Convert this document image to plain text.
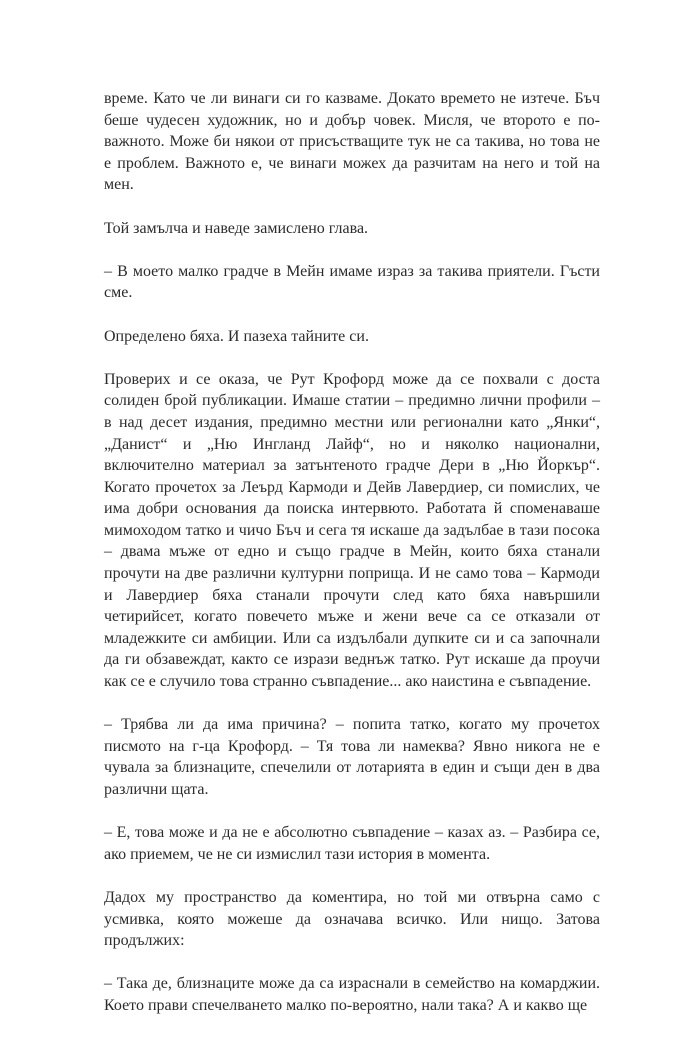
време. Като че ли винаги си го казваме. Докато времето не изтече. Бъч беше чудесен художник, но и добър човек. Мисля, че второто е по-важното. Може би някои от присъстващите тук не са такива, но това не е проблем. Важното е, че винаги можех да разчитам на него и той на мен.

Той замълча и наведе замислено глава.

– В моето малко градче в Мейн имаме израз за такива приятели. Гъсти сме.

Определено бяха. И пазеха тайните си.

Проверих и се оказа, че Рут Крофорд може да се похвали с доста солиден брой публикации. Имаше статии – предимно лични профили – в над десет издания, предимно местни или регионални като „Янки“, „Данист“ и „Ню Ингланд Лайф“, но и няколко национални, включително материал за затънтеното градче Дери в „Ню Йоркър“. Когато прочетох за Леърд Кармоди и Дейв Лавердиер, си помислих, че има добри основания да поиска интервюто. Работата й споменаваше мимоходом татко и чичо Бъч и сега тя искаше да задълбае в тази посока – двама мъже от едно и също градче в Мейн, които бяха станали прочути на две различни културни поприща. И не само това – Кармоди и Лавердиер бяха станали прочути след като бяха навършили четирийсет, когато повечето мъже и жени вече са се отказали от младежките си амбиции. Или са издълбали дупките си и са започнали да ги обзавеждат, както се изрази веднъж татко. Рут искаше да проучи как се е случило това странно съвпадение... ако наистина е съвпадение.

– Трябва ли да има причина? – попита татко, когато му прочетох писмото на г-ца Крофорд. – Тя това ли намеква? Явно никога не е чувала за близнаците, спечелили от лотарията в един и същи ден в два различни щата.

– Е, това може и да не е абсолютно съвпадение – казах аз. – Разбира се, ако приемем, че не си измислил тази история в момента.

Дадох му пространство да коментира, но той ми отвърна само с усмивка, която можеше да означава всичко. Или нищо. Затова продължих:

– Така де, близнаците може да са израснали в семейство на комарджии. Което прави спечелването малко по-вероятно, нали така? А и какво ще
